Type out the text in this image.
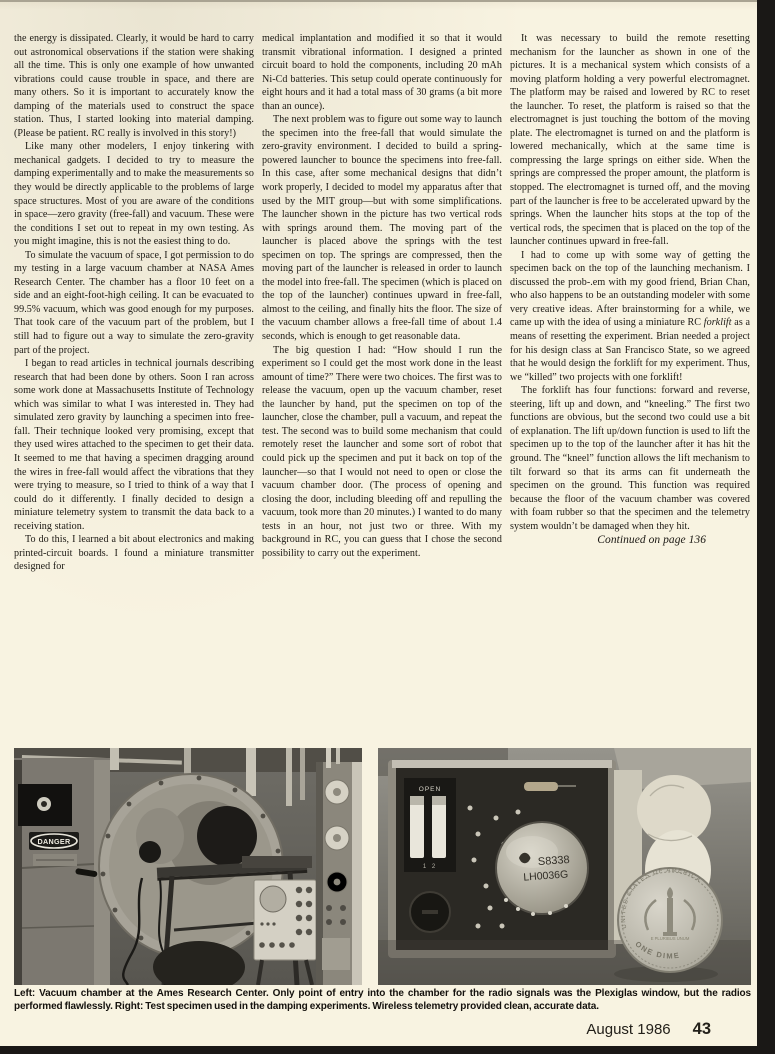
the energy is dissipated. Clearly, it would be hard to carry out astronomical observations if the station were shaking all the time. This is only one example of how unwanted vibrations could cause trouble in space, and there are many others. So it is important to accurately know the damping of the materials used to construct the space station. Thus, I started looking into material damping. (Please be patient. RC really is involved in this story!)

Like many other modelers, I enjoy tinkering with mechanical gadgets. I decided to try to measure the damping experimentally and to make the measurements so they would be directly applicable to the problems of large space structures. Most of you are aware of the conditions in space—zero gravity (free-fall) and vacuum. These were the conditions I set out to repeat in my own testing. As you might imagine, this is not the easiest thing to do.

To simulate the vacuum of space, I got permission to do my testing in a large vacuum chamber at NASA Ames Research Center. The chamber has a floor 10 feet on a side and an eight-foot-high ceiling. It can be evacuated to 99.5% vacuum, which was good enough for my purposes. That took care of the vacuum part of the problem, but I still had to figure out a way to simulate the zero-gravity part of the project.

I began to read articles in technical journals describing research that had been done by others. Soon I ran across some work done at Massachusetts Institute of Technology which was similar to what I was interested in. They had simulated zero gravity by launching a specimen into free-fall. Their technique looked very promising, except that they used wires attached to the specimen to get their data. It seemed to me that having a specimen dragging around the wires in free-fall would affect the vibrations that they were trying to measure, so I tried to think of a way that I could do it differently. I finally decided to design a miniature telemetry system to transmit the data back to a receiving station.

To do this, I learned a bit about electronics and making printed-circuit boards. I found a miniature transmitter designed for

medical implantation and modified it so that it would transmit vibrational information. I designed a printed circuit board to hold the components, including 20 mAh Ni-Cd batteries. This setup could operate continuously for eight hours and it had a total mass of 30 grams (a bit more than an ounce).

The next problem was to figure out some way to launch the specimen into the free-fall that would simulate the zero-gravity environment. I decided to build a spring-powered launcher to bounce the specimens into free-fall. In this case, after some mechanical designs that didn’t work properly, I decided to model my apparatus after that used by the MIT group—but with some simplifications. The launcher shown in the picture has two vertical rods with springs around them. The moving part of the launcher is placed above the springs with the test specimen on top. The springs are compressed, then the moving part of the launcher is released in order to launch the model into free-fall. The specimen (which is placed on the top of the launcher) continues upward in free-fall, almost to the ceiling, and finally hits the floor. The size of the vacuum chamber allows a free-fall time of about 1.4 seconds, which is enough to get reasonable data.

The big question I had: “How should I run the experiment so I could get the most work done in the least amount of time?” There were two choices. The first was to release the vacuum, open up the vacuum chamber, reset the launcher by hand, put the specimen on top of the launcher, close the chamber, pull a vacuum, and repeat the test. The second was to build some mechanism that could remotely reset the launcher and some sort of robot that could pick up the specimen and put it back on top of the launcher—so that I would not need to open or close the vacuum chamber door. (The process of opening and closing the door, including bleeding off and repulling the vacuum, took more than 20 minutes.) I wanted to do many tests in an hour, not just two or three. With my background in RC, you can guess that I chose the second possibility to carry out the experiment.

It was necessary to build the remote resetting mechanism for the launcher as shown in one of the pictures. It is a mechanical system which consists of a moving platform holding a very powerful electromagnet. The platform may be raised and lowered by RC to reset the launcher. To reset, the platform is raised so that the electromagnet is just touching the bottom of the moving plate. The electromagnet is turned on and the platform is lowered mechanically, which at the same time is compressing the large springs on either side. When the springs are compressed the proper amount, the platform is stopped. The electromagnet is turned off, and the moving part of the launcher is free to be accelerated upward by the springs. When the launcher hits stops at the top of the vertical rods, the specimen that is placed on the top of the launcher continues upward in free-fall.

I had to come up with some way of getting the specimen back on the top of the launching mechanism. I discussed the prob-.em with my good friend, Brian Chan, who also happens to be an outstanding modeler with some very creative ideas. After brainstorming for a while, we came up with the idea of using a miniature RC forklift as a means of resetting the experiment. Brian needed a project for his design class at San Francisco State, so we agreed that he would design the forklift for my experiment. Thus, we “killed” two projects with one forklift!

The forklift has four functions: forward and reverse, steering, lift up and down, and “kneeling.” The first two functions are obvious, but the second two could use a bit of explanation. The lift up/down function is used to lift the specimen up to the top of the launcher after it has hit the ground. The “kneel” function allows the lift mechanism to tilt forward so that its arms can fit underneath the specimen on the ground. This function was required because the floor of the vacuum chamber was covered with foam rubber so that the specimen and the telemetry system wouldn’t be damaged when they hit.

Continued on page 136

DANGER
OPEN
1 2	S8338
LH0036G
UNITED STATES OF AMERICA
E PLURIBUS UNUM
ONE DIME

Left: Vacuum chamber at the Ames Research Center. Only point of entry into the chamber for the radio signals was the Plexiglas window, but the radios performed flawlessly. Right: Test specimen used in the damping experiments. Wireless telemetry provided clean, accurate data.

August 1986 43
